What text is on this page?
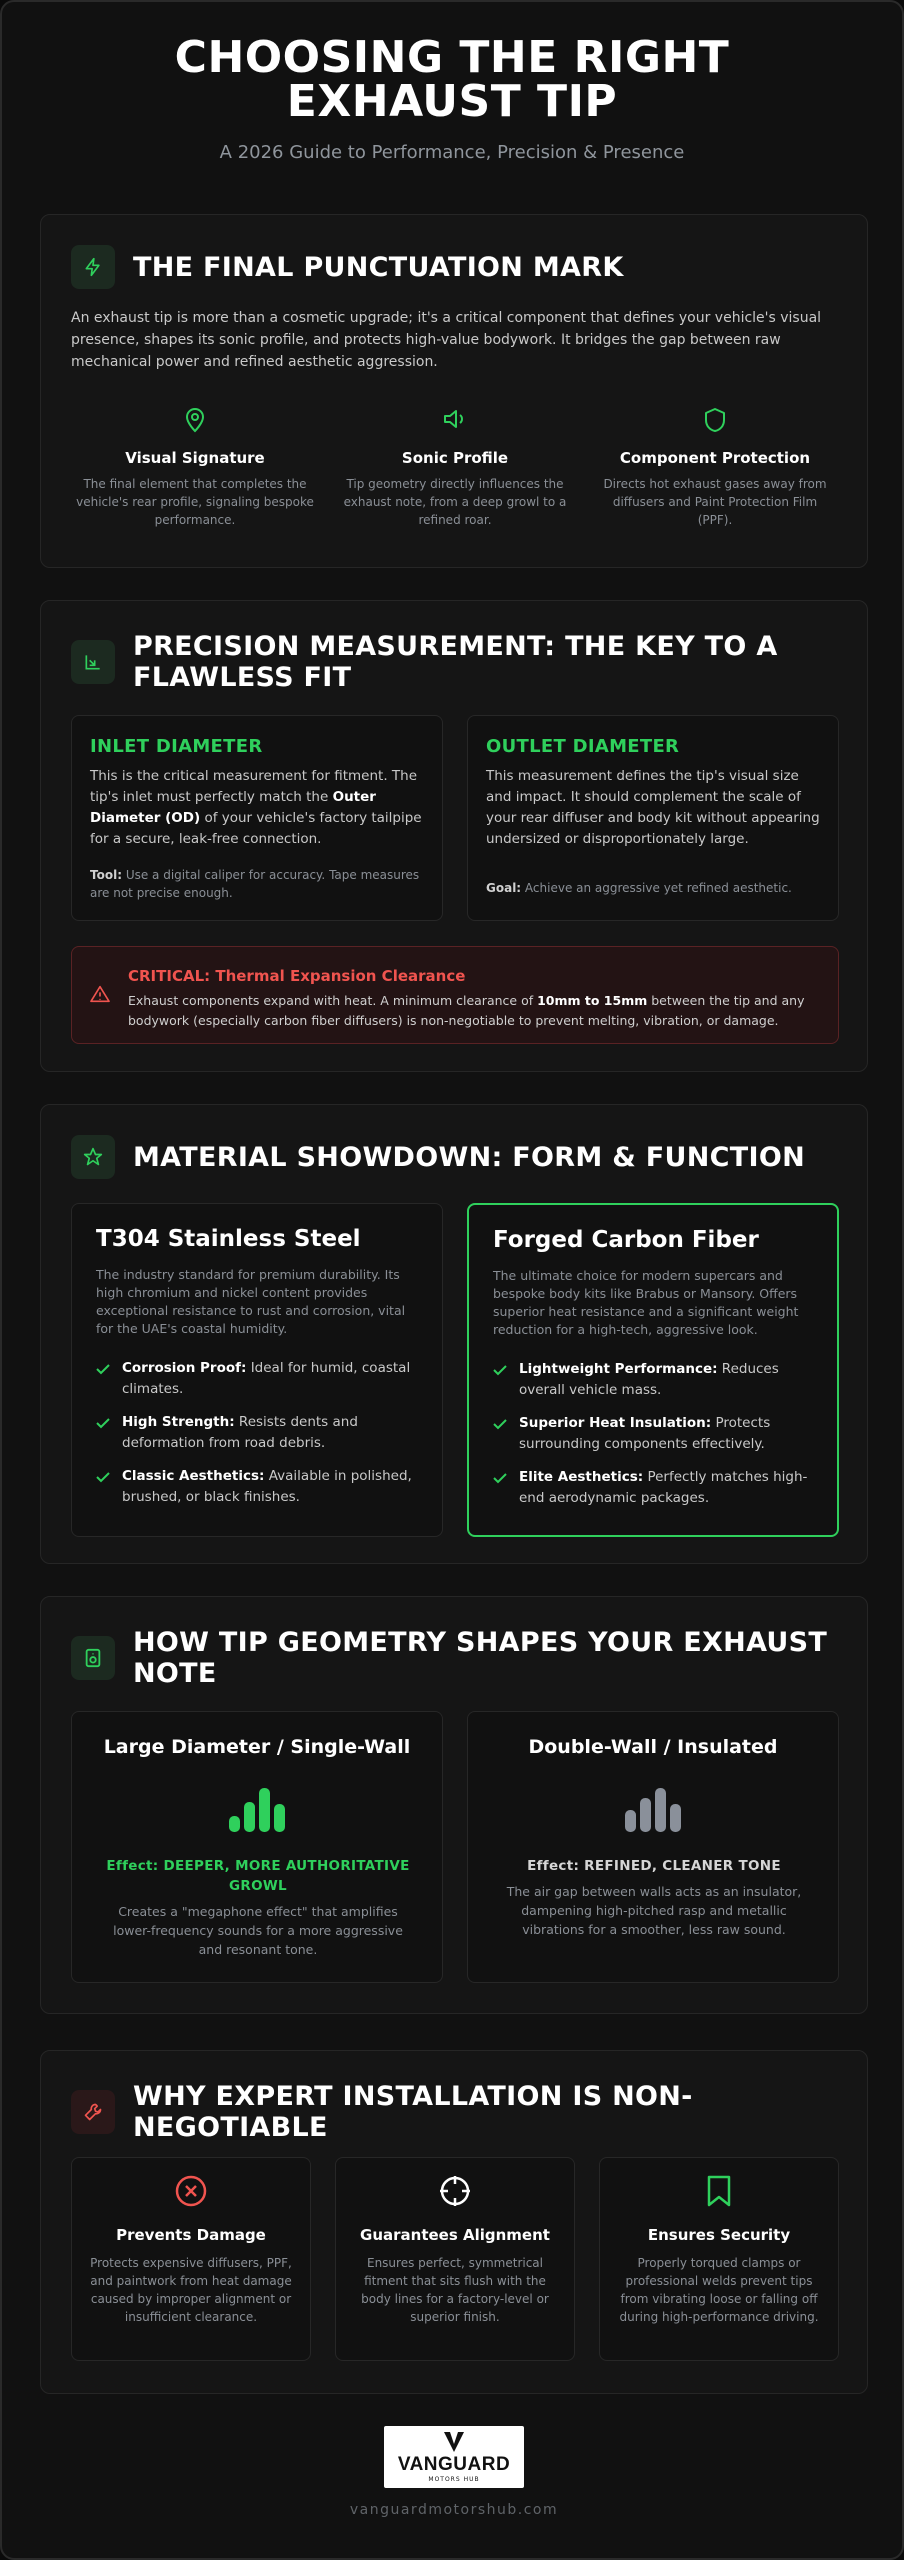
CHOOSING THE RIGHT EXHAUST TIP
A 2026 Guide to Performance, Precision & Presence
THE FINAL PUNCTUATION MARK
An exhaust tip is more than a cosmetic upgrade; it's a critical component that defines your vehicle's visual presence, shapes its sonic profile, and protects high-value bodywork. It bridges the gap between raw mechanical power and refined aesthetic aggression.
Visual Signature

The final element that completes the vehicle's rear profile, signaling bespoke performance.

Sonic Profile

Tip geometry directly influences the exhaust note, from a deep growl to a refined roar.

Component Protection

Directs hot exhaust gases away from diffusers and Paint Protection Film (PPF).

PRECISION MEASUREMENT: THE KEY TO A FLAWLESS FIT
INLET DIAMETER
This is the critical measurement for fitment. The tip's inlet must perfectly match the Outer Diameter (OD) of your vehicle's factory tailpipe for a secure, leak-free connection.
Tool: Use a digital caliper for accuracy. Tape measures are not precise enough.
OUTLET DIAMETER
This measurement defines the tip's visual size and impact. It should complement the scale of your rear diffuser and body kit without appearing undersized or disproportionately large.
Goal: Achieve an aggressive yet refined aesthetic.
CRITICAL: Thermal Expansion Clearance

Exhaust components expand with heat. A minimum clearance of 10mm to 15mm between the tip and any bodywork (especially carbon fiber diffusers) is non-negotiable to prevent melting, vibration, or damage.

MATERIAL SHOWDOWN: FORM & FUNCTION
T304 Stainless Steel
The industry standard for premium durability. Its high chromium and nickel content provides exceptional resistance to rust and corrosion, vital for the UAE's coastal humidity.
Corrosion Proof: Ideal for humid, coastal climates.
High Strength: Resists dents and deformation from road debris.
Classic Aesthetics: Available in polished, brushed, or black finishes.
Forged Carbon Fiber
The ultimate choice for modern supercars and bespoke body kits like Brabus or Mansory. Offers superior heat resistance and a significant weight reduction for a high-tech, aggressive look.
Lightweight Performance: Reduces overall vehicle mass.
Superior Heat Insulation: Protects surrounding components effectively.
Elite Aesthetics: Perfectly matches high-end aerodynamic packages.
HOW TIP GEOMETRY SHAPES YOUR EXHAUST NOTE
Large Diameter / Single-Wall
Effect: DEEPER, MORE AUTHORITATIVE GROWL
Creates a "megaphone effect" that amplifies lower-frequency sounds for a more aggressive and resonant tone.
Double-Wall / Insulated
Effect: REFINED, CLEANER TONE
The air gap between walls acts as an insulator, dampening high-pitched rasp and metallic vibrations for a smoother, less raw sound.
WHY EXPERT INSTALLATION IS NON-NEGOTIABLE
Prevents Damage

Protects expensive diffusers, PPF, and paintwork from heat damage caused by improper alignment or insufficient clearance.

Guarantees Alignment

Ensures perfect, symmetrical fitment that sits flush with the body lines for a factory-level or superior finish.

Ensures Security

Properly torqued clamps or professional welds prevent tips from vibrating loose or falling off during high-performance driving.

VANGUARD
MOTORS HUB
vanguardmotorshub.com
